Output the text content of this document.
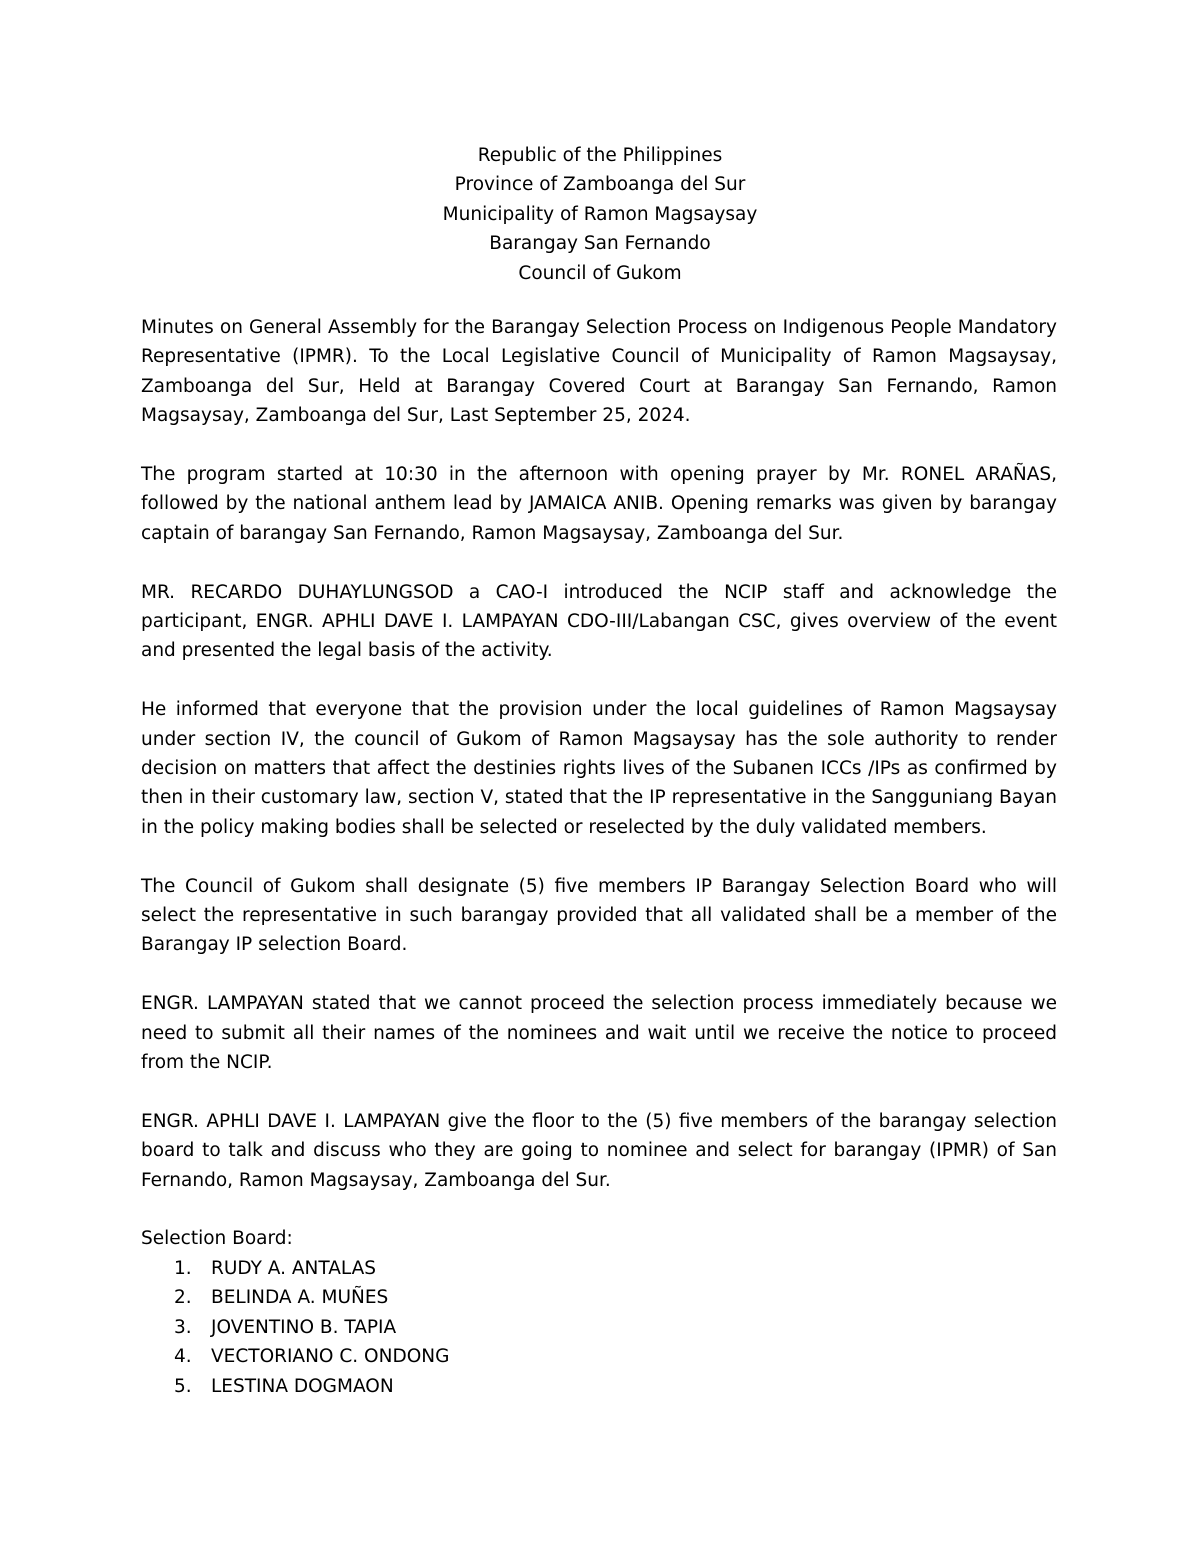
Republic of the Philippines
Province of Zamboanga del Sur
Municipality of Ramon Magsaysay
Barangay San Fernando
Council of Gukom

Minutes on General Assembly for the Barangay Selection Process on Indigenous People Mandatory Representative (IPMR). To the Local Legislative Council of Municipality of Ramon Magsaysay, Zamboanga del Sur, Held at Barangay Covered Court at Barangay San Fernando, Ramon Magsaysay, Zamboanga del Sur, Last September 25, 2024.

The program started at 10:30 in the afternoon with opening prayer by Mr. RONEL ARAÑAS, followed by the national anthem lead by JAMAICA ANIB. Opening remarks was given by barangay captain of barangay San Fernando, Ramon Magsaysay, Zamboanga del Sur.

MR. RECARDO DUHAYLUNGSOD a CAO-I introduced the NCIP staff and acknowledge the participant, ENGR. APHLI DAVE I. LAMPAYAN CDO-III/Labangan CSC, gives overview of the event and presented the legal basis of the activity.

He informed that everyone that the provision under the local guidelines of Ramon Magsaysay under section IV, the council of Gukom of Ramon Magsaysay has the sole authority to render decision on matters that affect the destinies rights lives of the Subanen ICCs /IPs as confirmed by then in their customary law, section V, stated that the IP representative in the Sangguniang Bayan in the policy making bodies shall be selected or reselected by the duly validated members.

The Council of Gukom shall designate (5) five members IP Barangay Selection Board who will select the representative in such barangay provided that all validated shall be a member of the Barangay IP selection Board.

ENGR. LAMPAYAN stated that we cannot proceed the selection process immediately because we need to submit all their names of the nominees and wait until we receive the notice to proceed from the NCIP.

ENGR. APHLI DAVE I. LAMPAYAN give the floor to the (5) five members of the barangay selection board to talk and discuss who they are going to nominee and select for barangay (IPMR) of San Fernando, Ramon Magsaysay, Zamboanga del Sur.

Selection Board:

1. RUDY A. ANTALAS
2. BELINDA A. MUÑES
3. JOVENTINO B. TAPIA
4. VECTORIANO C. ONDONG
5. LESTINA DOGMAON
